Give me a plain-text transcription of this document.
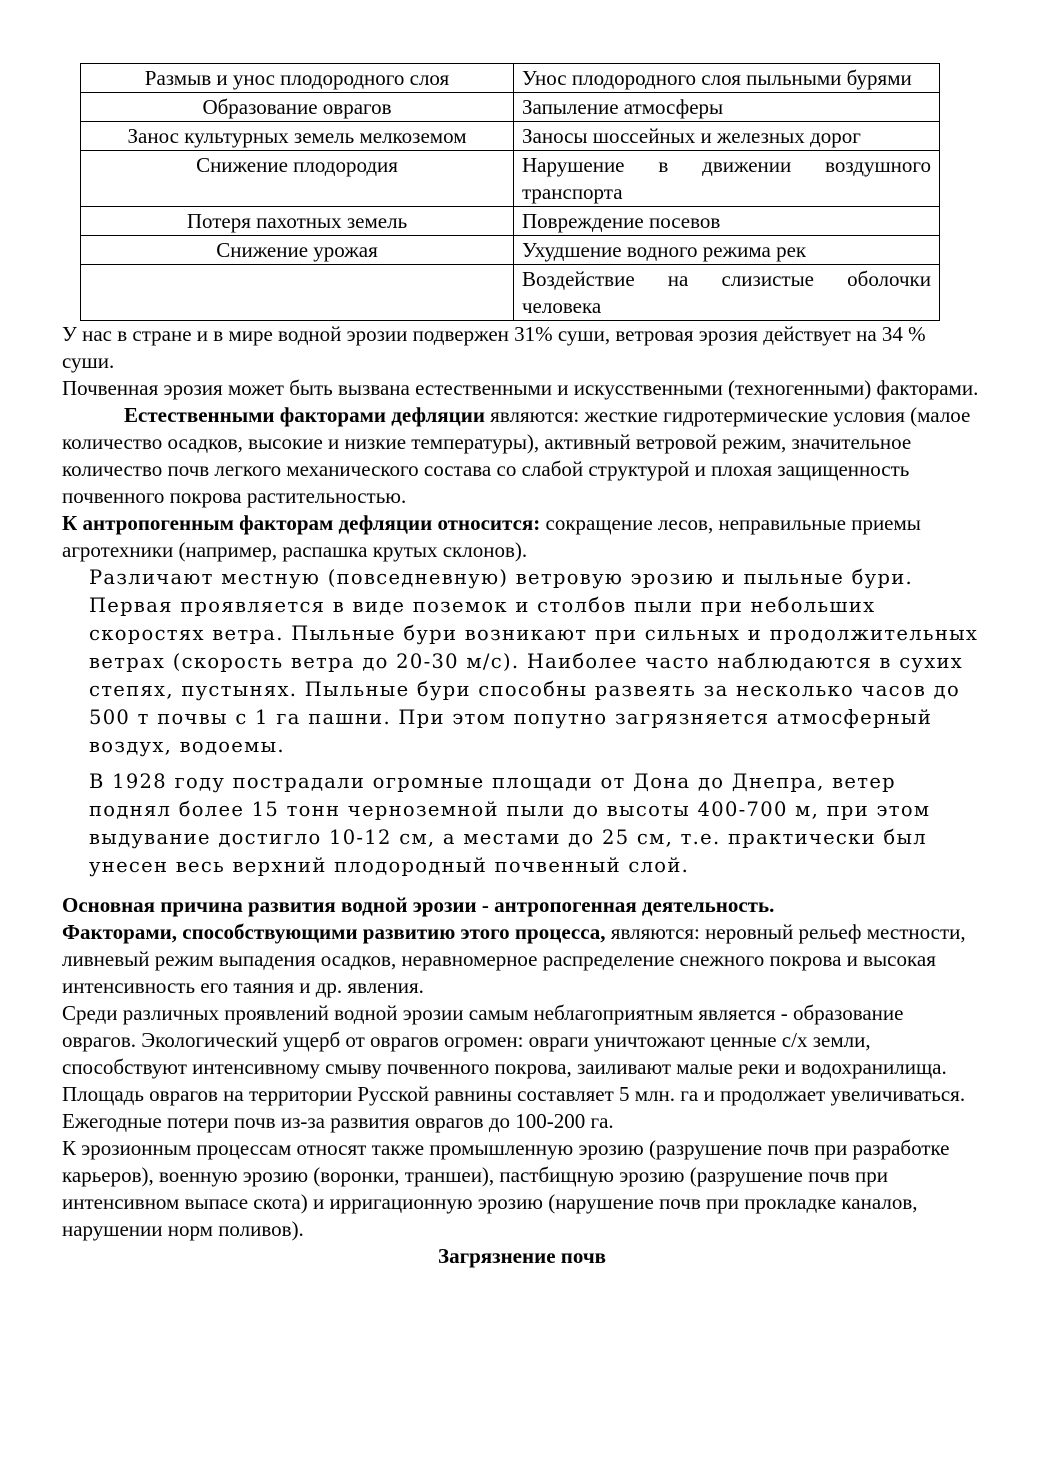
Размыв и унос плодородного слоя	Унос плодородного слоя пыльными бурями
Образование оврагов	Запыление атмосферы
Занос культурных земель мелкоземом	Заносы шоссейных и железных дорог
Снижение плодородия	Нарушение в движении воздушного транспорта
Потеря пахотных земель	Повреждение посевов
Снижение урожая	Ухудшение водного режима рек
	Воздействие на слизистые оболочки человека

У нас в стране и в мире водной эрозии подвержен 31% суши, ветровая эрозия действует на 34 % суши.

Почвенная эрозия может быть вызвана естественными и искусственными (техногенными) факторами.

Естественными факторами дефляции являются: жесткие гидротермические условия (малое количество осадков, высокие и низкие температуры), активный ветровой режим, значительное количество почв легкого механического состава со слабой структурой и плохая защищенность почвенного покрова растительностью.

К антропогенным факторам дефляции относится: сокращение лесов, неправильные приемы агротехники (например, распашка крутых склонов).

Различают местную (повседневную) ветровую эрозию и пыльные бури. Первая проявляется в виде поземок и столбов пыли при небольших скоростях ветра. Пыльные бури возникают при сильных и продолжительных ветрах (скорость ветра до 20-30 м/с). Наиболее часто наблюдаются в сухих степях, пустынях. Пыльные бури способны развеять за несколько часов до 500 т почвы с 1 га пашни. При этом попутно загрязняется атмосферный воздух, водоемы.

В 1928 году пострадали огромные площади от Дона до Днепра, ветер поднял более 15 тонн черноземной пыли до высоты 400-700 м, при этом выдувание достигло 10-12 см, а местами до 25 см, т.е. практически был унесен весь верхний плодородный почвенный слой.

Основная причина развития водной эрозии - антропогенная деятельность.
Факторами, способствующими развитию этого процесса, являются: неровный рельеф местности, ливневый режим выпадения осадков, неравномерное распределение снежного покрова и высокая интенсивность его таяния и др. явления.

Среди различных проявлений водной эрозии самым неблагоприятным является - образование оврагов. Экологический ущерб от оврагов огромен: овраги уничтожают ценные с/х земли, способствуют интенсивному смыву почвенного покрова, заиливают малые реки и водохранилища.

Площадь оврагов на территории Русской равнины составляет 5 млн. га и продолжает увеличиваться. Ежегодные потери почв из-за развития оврагов до 100-200 га.

К эрозионным процессам относят также промышленную эрозию (разрушение почв при разработке карьеров), военную эрозию (воронки, траншеи), пастбищную эрозию (разрушение почв при интенсивном выпасе скота) и ирригационную эрозию (нарушение почв при прокладке каналов, нарушении норм поливов).

Загрязнение почв
